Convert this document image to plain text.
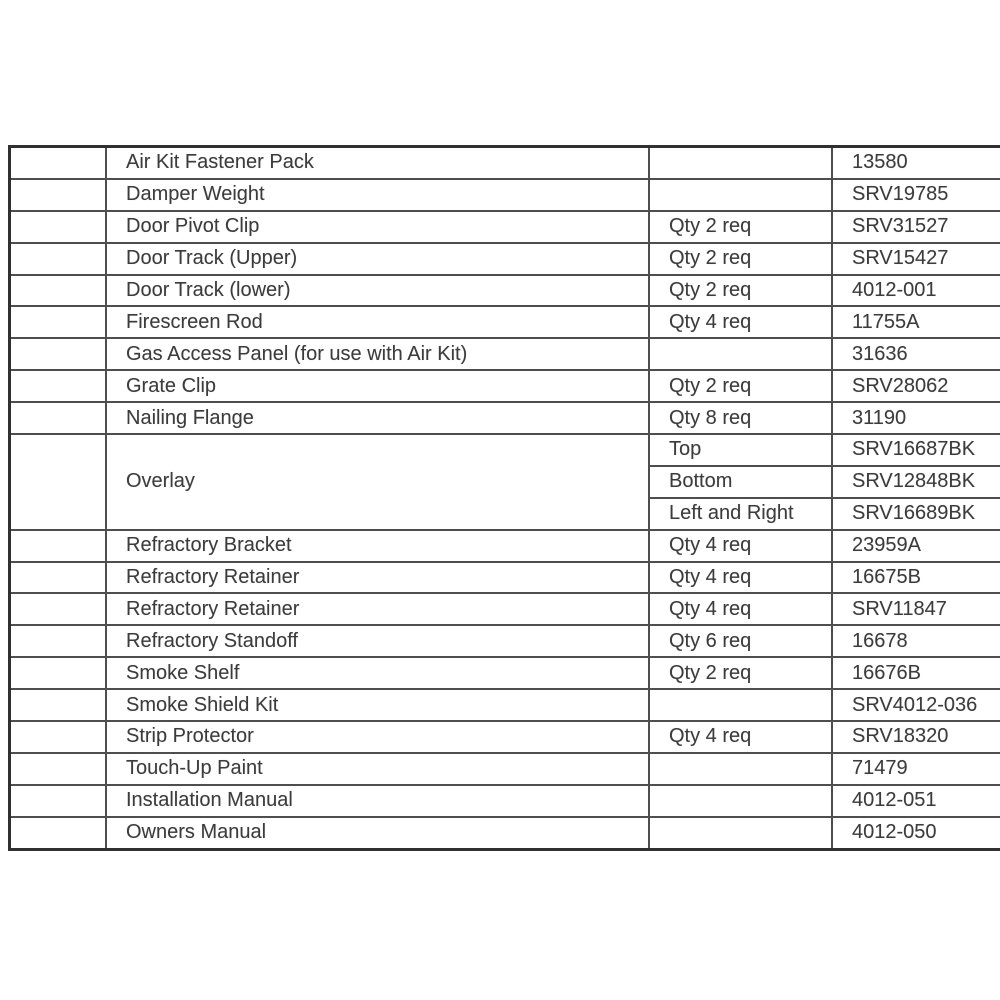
	Air Kit Fastener Pack		13580	
	Damper Weight		SRV19785	
	Door Pivot Clip	Qty 2 req	SRV31527	
	Door Track (Upper)	Qty 2 req	SRV15427	
	Door Track (lower)	Qty 2 req	4012-001	
	Firescreen Rod	Qty 4 req	11755A	
	Gas Access Panel (for use with Air Kit)		31636	
	Grate Clip	Qty 2 req	SRV28062	
	Nailing Flange	Qty 8 req	31190	
	Overlay	Top	SRV16687BK	
		Bottom	SRV12848BK	
		Left and Right	SRV16689BK	
	Refractory Bracket	Qty 4 req	23959A	
	Refractory Retainer	Qty 4 req	16675B	
	Refractory Retainer	Qty 4 req	SRV11847	
	Refractory Standoff	Qty 6 req	16678	
	Smoke Shelf	Qty 2 req	16676B	
	Smoke Shield Kit		SRV4012-036	
	Strip Protector	Qty 4 req	SRV18320	
	Touch-Up Paint		71479	
	Installation Manual		4012-051	
	Owners Manual		4012-050	
